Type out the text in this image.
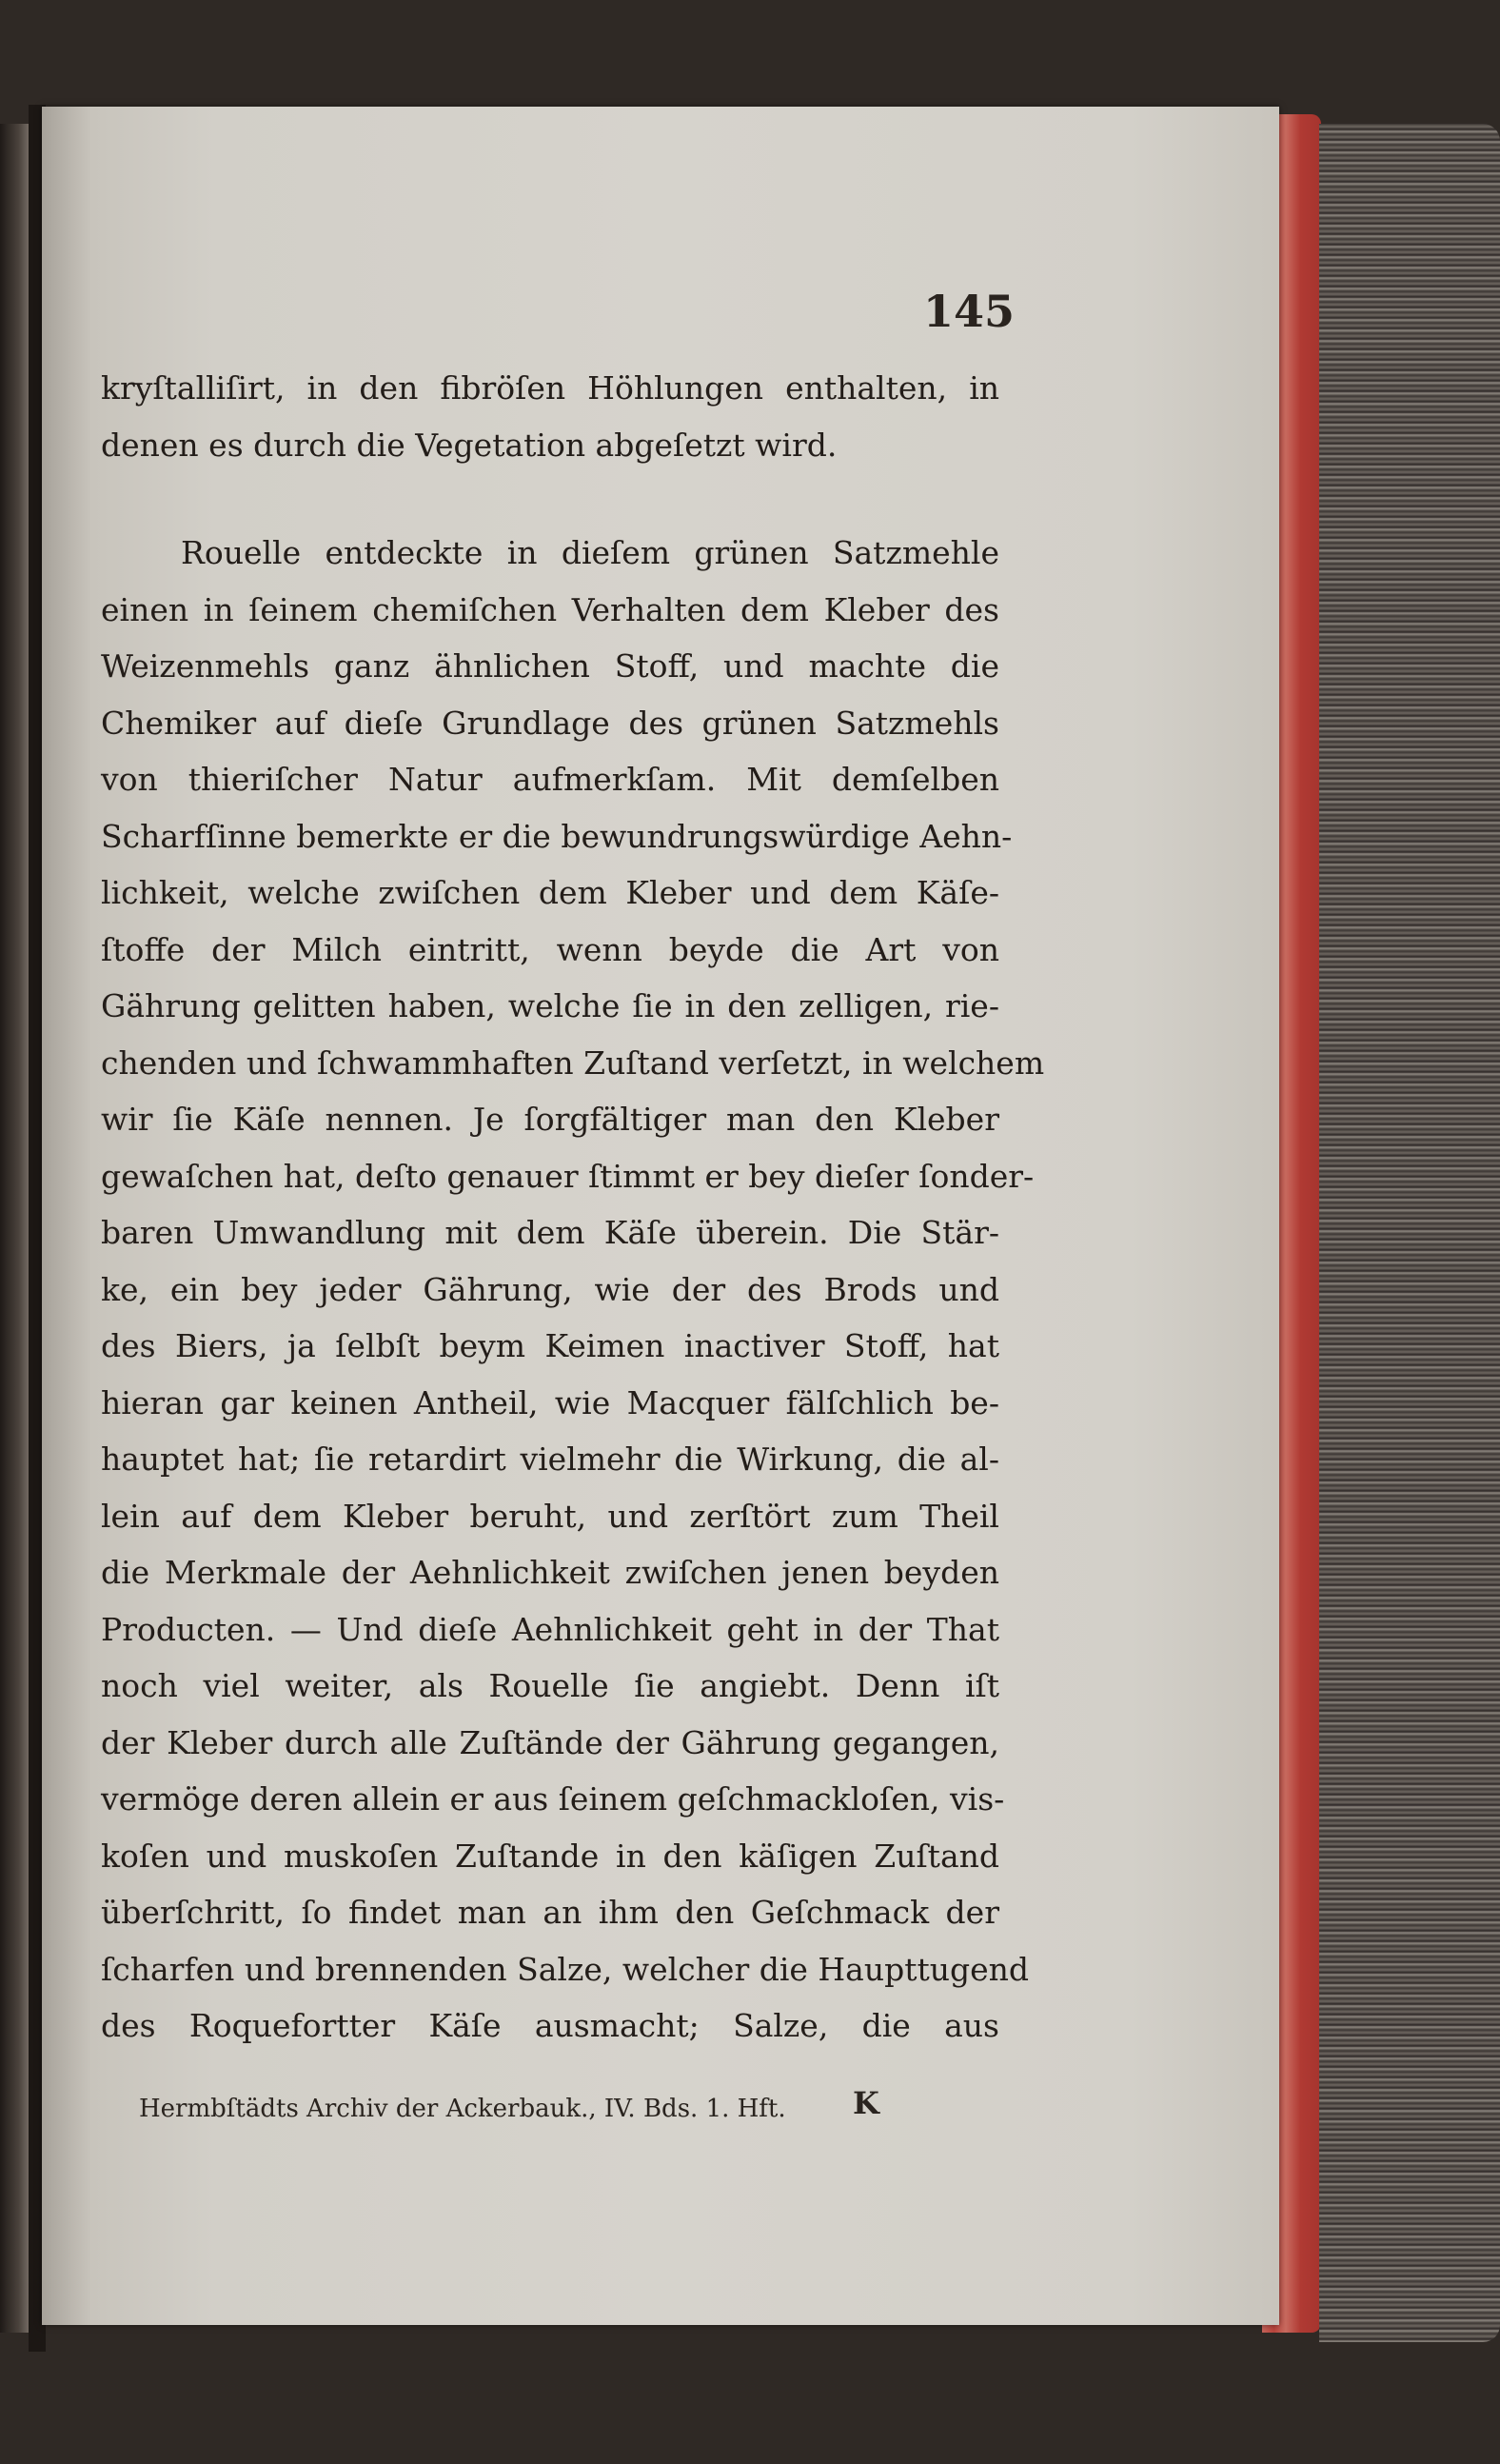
145
kryſtalliſirt, in den fibröſen Höhlungen enthalten, in
denen es durch die Vegetation abgeſetzt wird.
Rouelle entdeckte in dieſem grünen Satzmehle
einen in ſeinem chemiſchen Verhalten dem Kleber des
Weizenmehls ganz ähnlichen Stoff, und machte die
Chemiker auf dieſe Grundlage des grünen Satzmehls
von thieriſcher Natur aufmerkſam. Mit demſelben
Scharfſinne bemerkte er die bewundrungswürdige Aehn-
lichkeit, welche zwiſchen dem Kleber und dem Käſe-
ſtoffe der Milch eintritt, wenn beyde die Art von
Gährung gelitten haben, welche ſie in den zelligen, rie-
chenden und ſchwammhaften Zuſtand verſetzt, in welchem
wir ſie Käſe nennen. Je ſorgfältiger man den Kleber
gewaſchen hat, deſto genauer ſtimmt er bey dieſer ſonder-
baren Umwandlung mit dem Käſe überein. Die Stär-
ke, ein bey jeder Gährung, wie der des Brods und
des Biers, ja ſelbſt beym Keimen inactiver Stoff, hat
hieran gar keinen Antheil, wie Macquer fälſchlich be-
hauptet hat; ſie retardirt vielmehr die Wirkung, die al-
lein auf dem Kleber beruht, und zerſtört zum Theil
die Merkmale der Aehnlichkeit zwiſchen jenen beyden
Producten. — Und dieſe Aehnlichkeit geht in der That
noch viel weiter, als Rouelle ſie angiebt. Denn iſt
der Kleber durch alle Zuſtände der Gährung gegangen,
vermöge deren allein er aus ſeinem geſchmackloſen, vis-
koſen und muskoſen Zuſtande in den käſigen Zuſtand
überſchritt, ſo findet man an ihm den Geſchmack der
ſcharfen und brennenden Salze, welcher die Haupttugend
des Roquefortter Käſe ausmacht; Salze, die aus
Hermbſtädts Archiv der Ackerbauk., IV. Bds. 1. Hft.	K
